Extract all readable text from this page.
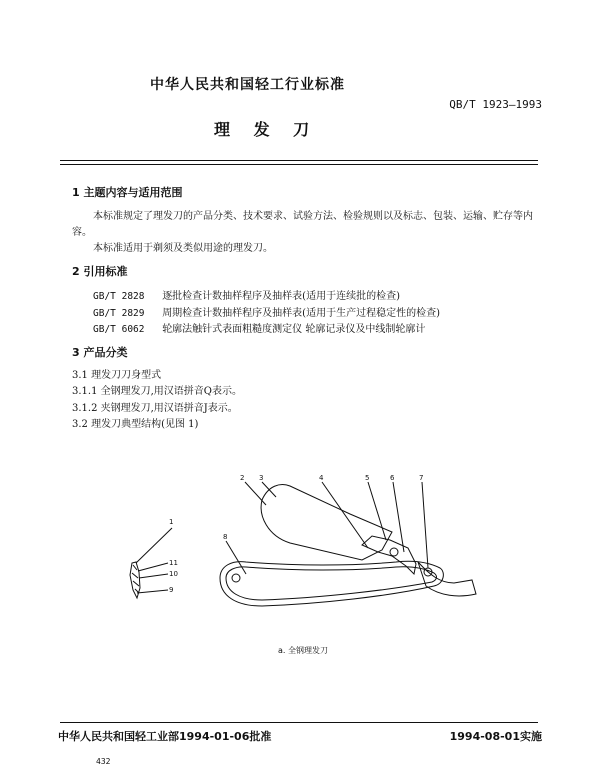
中华人民共和国轻工行业标准
QB/T 1923—1993
理 发 刀
1 主题内容与适用范围
本标准规定了理发刀的产品分类、技术要求、试验方法、检验规则以及标志、包装、运输、贮存等内
容。
本标准适用于剃须及类似用途的理发刀。
2 引用标准
GB/T 2828 逐批检查计数抽样程序及抽样表(适用于连续批的检查)
GB/T 2829 周期检查计数抽样程序及抽样表(适用于生产过程稳定性的检查)
GB/T 6062 轮廓法触针式表面粗糙度测定仪 轮廓记录仪及中线制轮廓计
3 产品分类
3.1 理发刀刀身型式
3.1.1 全钢理发刀,用汉语拼音Q表示。
3.1.2 夹钢理发刀,用汉语拼音J表示。
3.2 理发刀典型结构(见图 1)
1
2 3	4	5	6	7
8
9
10
11
a. 全钢理发刀
中华人民共和国轻工业部1994-01-06批准	1994-08-01实施
432
